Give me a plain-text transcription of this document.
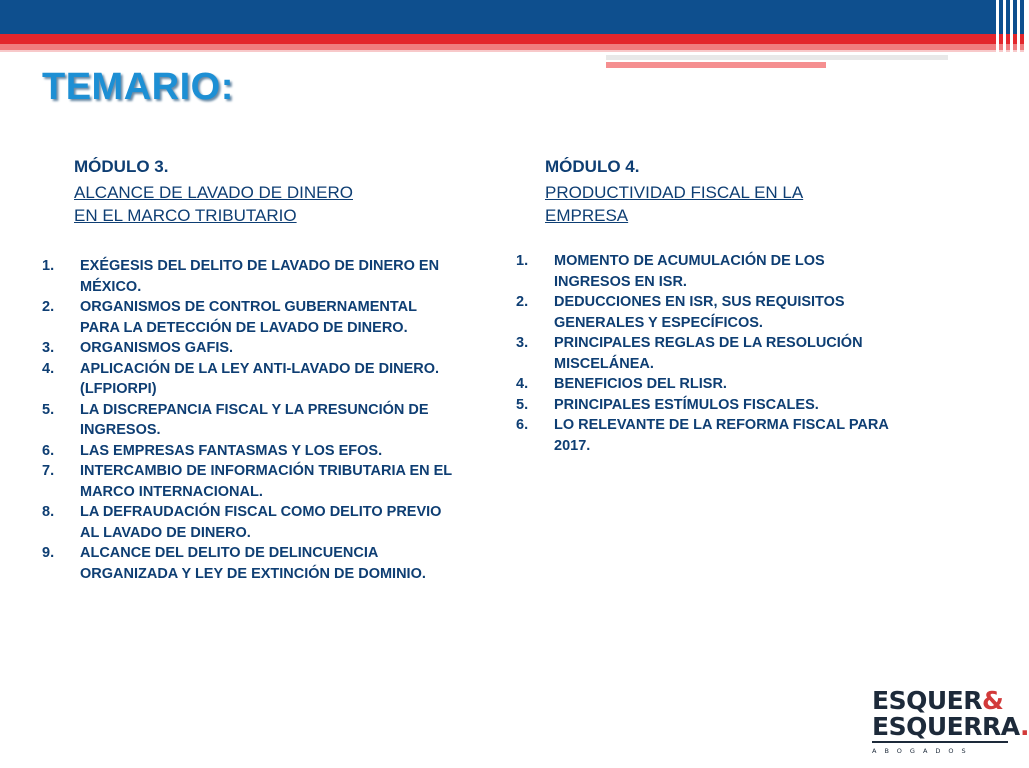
TEMARIO:
MÓDULO 3.
ALCANCE DE LAVADO DE DINERO
EN EL MARCO TRIBUTARIO
1. EXÉGESIS DEL DELITO DE LAVADO DE DINERO EN MÉXICO.
2. ORGANISMOS DE CONTROL GUBERNAMENTAL PARA LA DETECCIÓN DE LAVADO DE DINERO.
3. ORGANISMOS GAFIS.
4. APLICACIÓN DE LA LEY ANTI-LAVADO DE DINERO. (LFPIORPI)
5. LA DISCREPANCIA FISCAL Y LA PRESUNCIÓN DE INGRESOS.
6. LAS EMPRESAS FANTASMAS Y LOS EFOS.
7. INTERCAMBIO DE INFORMACIÓN TRIBUTARIA EN EL MARCO INTERNACIONAL.
8. LA DEFRAUDACIÓN FISCAL COMO DELITO PREVIO AL LAVADO DE DINERO.
9. ALCANCE DEL DELITO DE DELINCUENCIA ORGANIZADA Y LEY DE EXTINCIÓN DE DOMINIO.
MÓDULO 4.
PRODUCTIVIDAD FISCAL EN LA
EMPRESA
1. MOMENTO DE ACUMULACIÓN DE LOS INGRESOS EN ISR.
2. DEDUCCIONES EN ISR, SUS REQUISITOS GENERALES Y ESPECÍFICOS.
3. PRINCIPALES REGLAS DE LA RESOLUCIÓN MISCELÁNEA.
4. BENEFICIOS DEL RLISR.
5. PRINCIPALES ESTÍMULOS FISCALES.
6. LO RELEVANTE DE LA REFORMA FISCAL PARA 2017.
ESQUER&
ESQUERRA.
ABOGADOS
